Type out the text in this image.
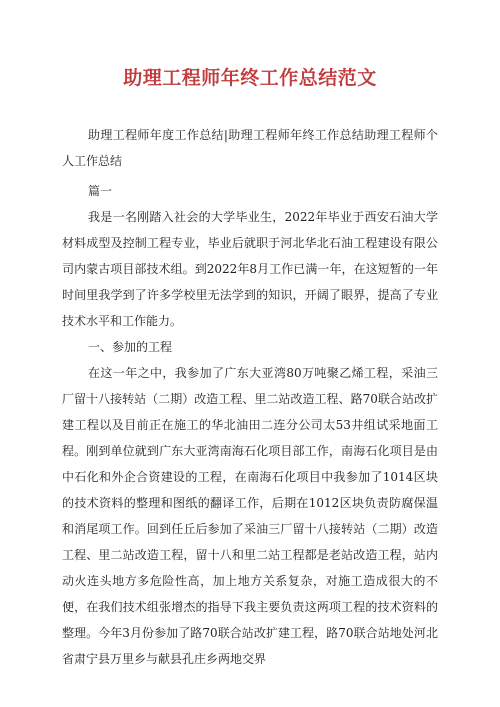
助理工程师年终工作总结范文

助理工程师年度工作总结|助理工程师年终工作总结助理工程师个人工作总结

篇一

我是一名刚踏入社会的大学毕业生，2022年毕业于西安石油大学材料成型及控制工程专业，毕业后就职于河北华北石油工程建设有限公司内蒙古项目部技术组。到2022年8月工作已满一年，在这短暂的一年时间里我学到了许多学校里无法学到的知识，开阔了眼界，提高了专业技术水平和工作能力。

一、参加的工程

在这一年之中，我参加了广东大亚湾80万吨聚乙烯工程，采油三厂留十八接转站（二期）改造工程、里二站改造工程、路70联合站改扩建工程以及目前正在施工的华北油田二连分公司太53井组试采地面工程。刚到单位就到广东大亚湾南海石化项目部工作，南海石化项目是由中石化和外企合资建设的工程，在南海石化项目中我参加了1014区块的技术资料的整理和图纸的翻译工作，后期在1012区块负责防腐保温和消尾项工作。回到任丘后参加了采油三厂留十八接转站（二期）改造工程、里二站改造工程，留十八和里二站工程都是老站改造工程，站内动火连头地方多危险性高，加上地方关系复杂，对施工造成很大的不便，在我们技术组张增杰的指导下我主要负责这两项工程的技术资料的整理。今年3月份参加了路70联合站改扩建工程，路70联合站地处河北省肃宁县万里乡与献县孔庄乡两地交界
